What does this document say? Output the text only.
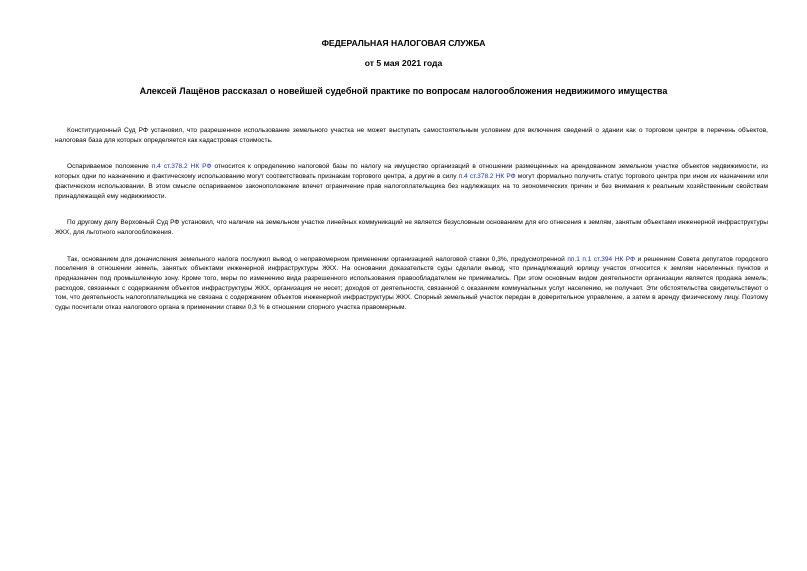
ФЕДЕРАЛЬНАЯ НАЛОГОВАЯ СЛУЖБА
от 5 мая 2021 года
Алексей Лащёнов рассказал о новейшей судебной практике по вопросам налогообложения недвижимого имущества

Конституционный Суд РФ установил, что разрешенное использование земельного участка не может выступать самостоятельным условием для включения сведений о здании как о торговом центре в перечень объектов, налоговая база для которых определяется как кадастровая стоимость.

Оспариваемое положение п.4 ст.378.2 НК РФ относится к определению налоговой базы по налогу на имущество организаций в отношении размещенных на арендованном земельном участке объектов недвижимости, из которых одни по назначению и фактическому использованию могут соответствовать признакам торгового центра, а другие в силу п.4 ст.378.2 НК РФ могут формально получить статус торгового центра при ином их назначении или фактическом использовании. В этом смысле оспариваемое законоположение влечет ограничение прав налогоплательщика без надлежащих на то экономических причин и без внимания к реальным хозяйственным свойствам принадлежащей ему недвижимости.

По другому делу Верховный Суд РФ установил, что наличие на земельном участке линейных коммуникаций не является безусловным основанием для его отнесения к землям, занятым объектами инженерной инфраструктуры ЖКХ, для льготного налогообложения.

Так, основанием для доначисления земельного налога послужил вывод о неправомерном применении организацией налоговой ставки 0,3%, предусмотренной пп.1 п.1 ст.394 НК РФ и решением Совета депутатов городского поселения в отношении земель, занятых объектами инженерной инфраструктуры ЖКХ. На основании доказательств суды сделали вывод, что принадлежащий юрлицу участок относится к землям населенных пунктов и предназначен под промышленную зону. Кроме того, меры по изменению вида разрешенного использования правообладателем не принимались. При этом основным видом деятельности организации является продажа земель; расходов, связанных с содержанием объектов инфраструктуры ЖКХ, организация не несет; доходов от деятельности, связанной с оказанием коммунальных услуг населению, не получает. Эти обстоятельства свидетельствуют о том, что деятельность налогоплательщика не связана с содержанием объектов инженерной инфраструктуры ЖКХ. Спорный земельный участок передан в доверительное управление, а затем в аренду физическому лицу. Поэтому суды посчитали отказ налогового органа в применении ставки 0,3 % в отношении спорного участка правомерным.
